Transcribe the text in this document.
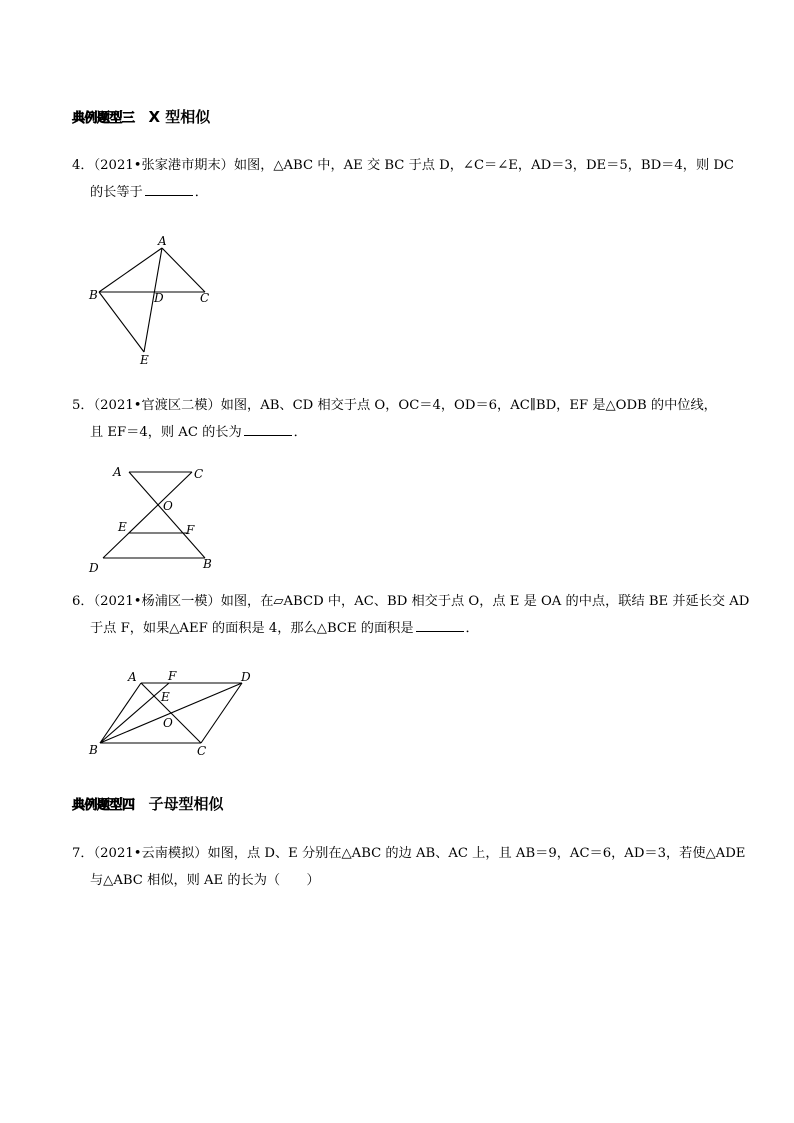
典例题型三 X 型相似
4．（2021•张家港市期末）如图，△ABC 中，AE 交 BC 于点 D，∠C＝∠E，AD＝3，DE＝5，BD＝4，则 DC
的长等于	．
A
B	C
D
E
5．（2021•官渡区二模）如图，AB、CD 相交于点 O，OC＝4，OD＝6，AC∥BD，EF 是△ODB 的中位线，
且 EF＝4，则 AC 的长为	．
A	C
O
E	F
D	B
6．（2021•杨浦区一模）如图，在▱ABCD 中，AC、BD 相交于点 O，点 E 是 OA 的中点，联结 BE 并延长交 AD
于点 F，如果△AEF 的面积是 4，那么△BCE 的面积是	．
A	F	D
E
O
B	C
典例题型四 子母型相似
7．（2021•云南模拟）如图，点 D、E 分别在△ABC 的边 AB、AC 上，且 AB＝9，AC＝6，AD＝3，若使△ADE
与△ABC 相似，则 AE 的长为（　　）
